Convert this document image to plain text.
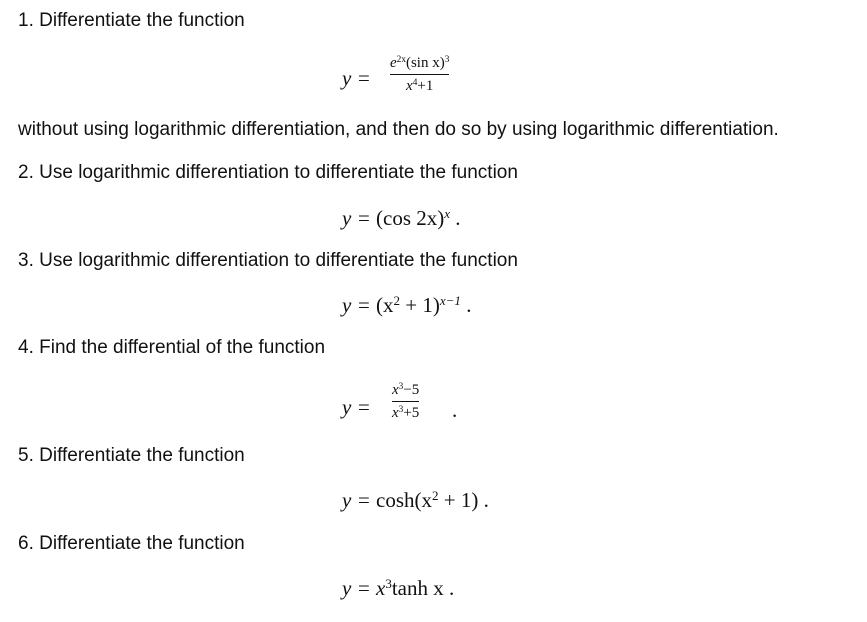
1. Differentiate the function
y =
$e^{2x}(\sin$ x)$^3$
$x^4+1$
without using logarithmic differentiation, and then do so by using logarithmic differentiation.
2. Use logarithmic differentiation to differentiate the function
y = (cos 2x)$^x$ .
3. Use logarithmic differentiation to differentiate the function
$y = (x^2 + 1)^{x-1}$ .
4. Find the differential of the function
y =
$x^3-5$
$x^3+5$ .
5. Differentiate the function
$y = \cosh(x^2 + 1)$ .
6. Differentiate the function
$y = x^3\tanh$ x .
